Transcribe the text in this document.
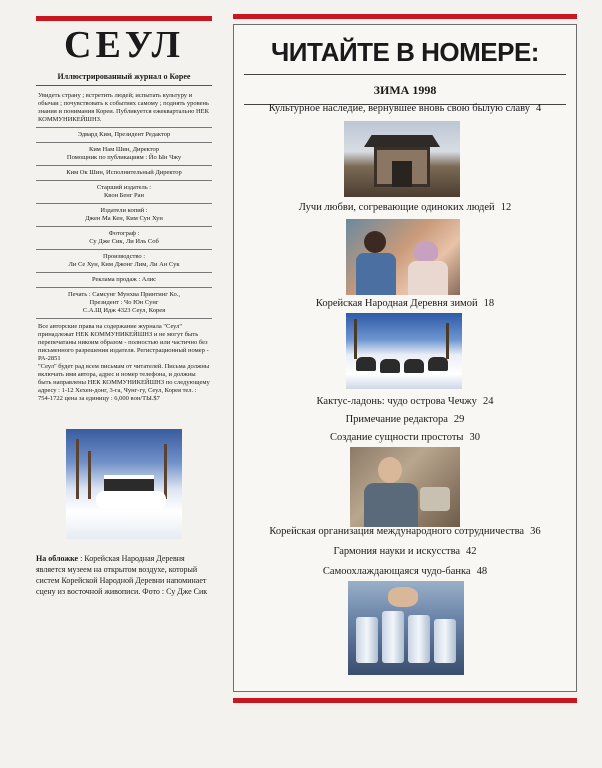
СЕУЛ
Иллюстрированный журнал о Корее
Увидеть страну ; встретить людей; испытать культуру и обычаи ; почувствовать к событиях самому ; поднять уровень знания и понимания Кореи. Публикуется ежеквартально НЕК КОММУНИКЕЙШНЗ.
Эдвард Ким, Президент Редактор
Ким Нам Шин, Директор
Помощник по публикациям : Йо Ын Чжу
Ким Ок Шин, Исполнительный Директор
Старший издатель :
Квон Бенг Ран
Издатели копий :
Джен Ма Кен, Ким Сун Хун
Фотограф :
Су Дже Сик, Ли Иль Соб
Производство :
Ли Се Хун, Ким Джонг Лим, Ли Ан Сук
Реклама продаж : Алис
Печать : Самсунг Мунхва Принтинг Ко.,
Президент : Чо Юн Сунг
С.А.Щ Идж 4323 Сеул, Корея
Все авторские права на содержание журнала "Сеул" принадлежат НЕК КОММУНИКЕЙШНЗ и не могут быть перепечатаны никоим образом - полностью или частично без письменного разрешения издателя. Регистрационный номер - РА-2851
"Сеул" будет рад всем письмам от читателей. Письма должны включать имя автора, адрес и номер телефона, и должны быть направлены НЕК КОММУНИКЕЙШНЗ по следующему адресу : 1-12 Хехен-донг, 3-га, Чунг-гу, Сеул, Корея тел. : 754-1722 цена за единицу : 6,000 вон/ТЫ.$7
На обложке : Корейская Народная Деревня является музеем на открытом воздухе, который систем Корейской Народной Деревни напоминает сцену из восточной живописи. Фото : Су Дже Сик
ЧИТАЙТЕ В НОМЕРЕ:
ЗИМА 1998
Культурное наследие, вернувшее вновь свою былую славу 4
Лучи любви, согревающие одиноких людей 12
Корейская Народная Деревня зимой 18
Кактус-ладонь: чудо острова Чечжу 24
Примечание редактора 29
Создание сущности простоты 30
Корейская организация международного сотрудничества 36
Гармония науки и искусства 42
Самоохлаждающаяся чудо-банка 48
